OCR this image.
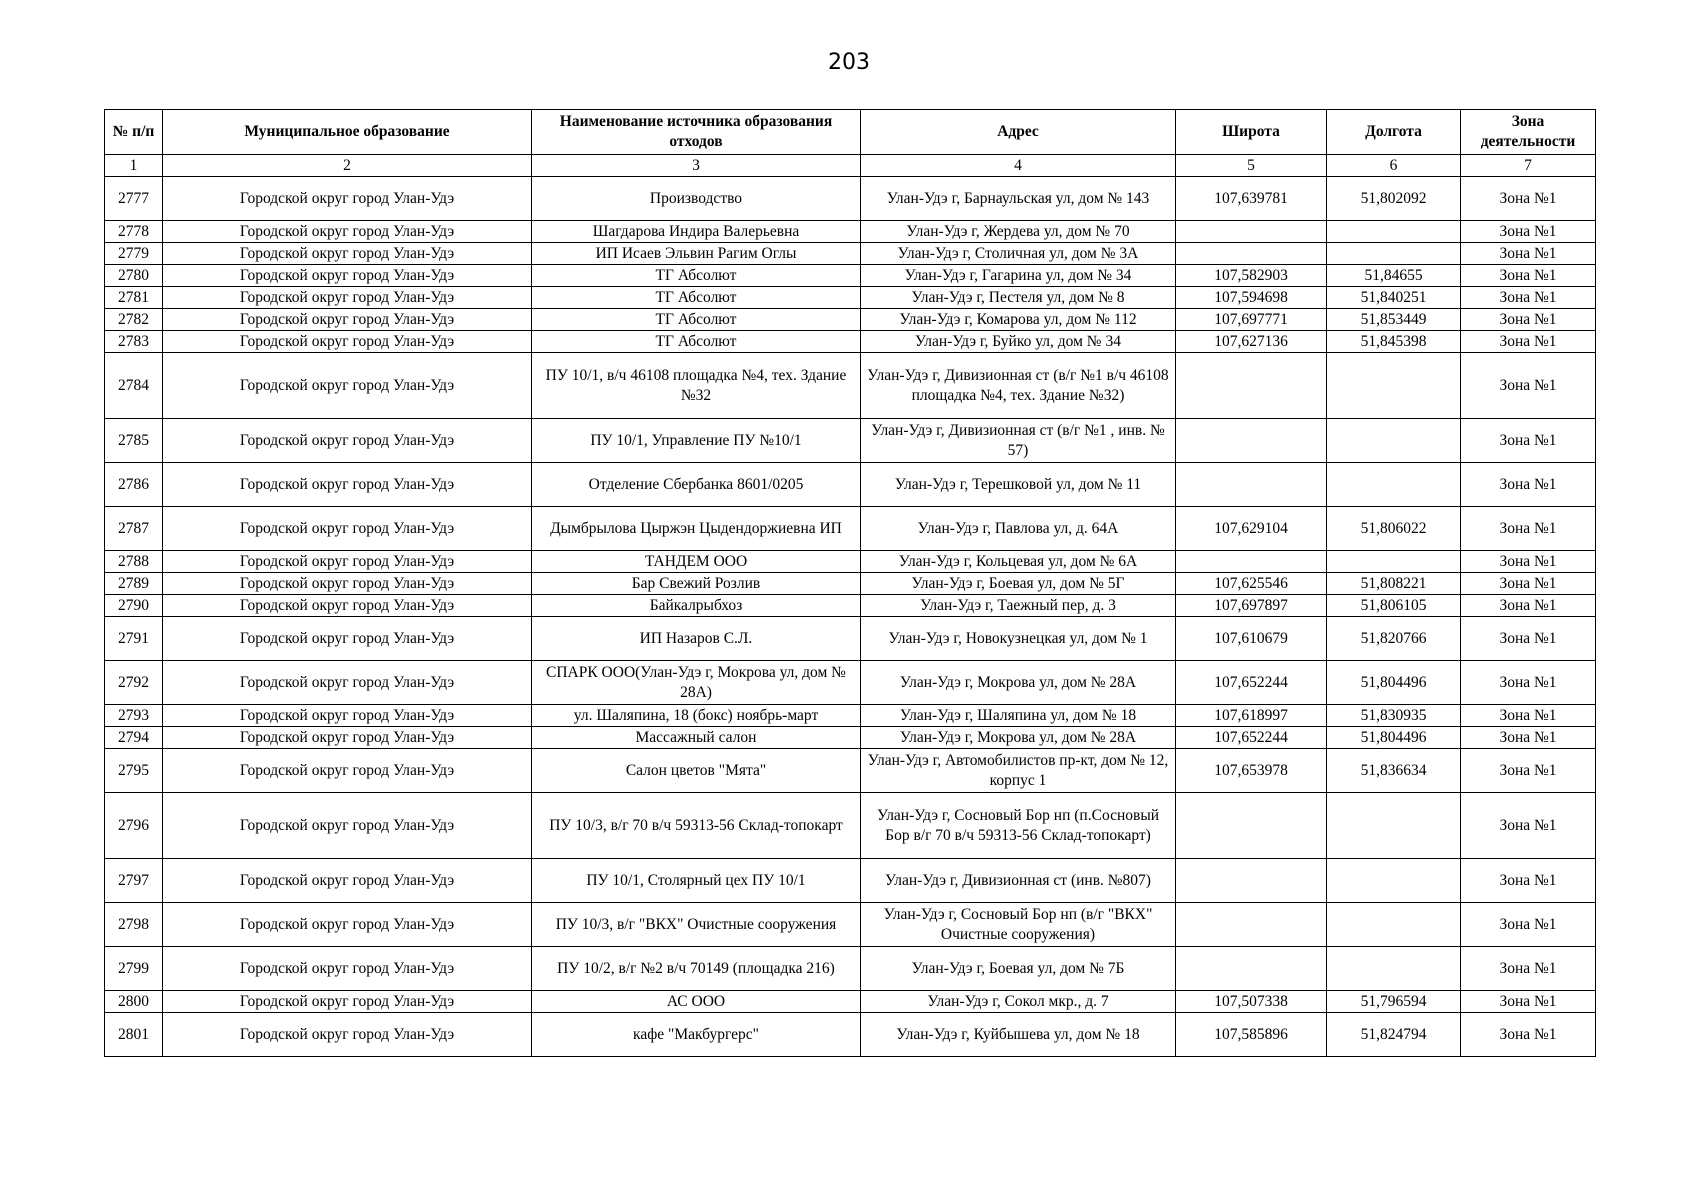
203
№ п/п	Муниципальное образование	Наименование источника образования отходов	Адрес	Широта	Долгота	Зона деятельности
1	2	3	4	5	6	7
2777	Городской округ город Улан-Удэ	Производство	Улан-Удэ г, Барнаульская ул, дом № 143	107,639781	51,802092	Зона №1
2778	Городской округ город Улан-Удэ	Шагдарова Индира Валерьевна	Улан-Удэ г, Жердева ул, дом № 70			Зона №1
2779	Городской округ город Улан-Удэ	ИП Исаев Эльвин Рагим Оглы	Улан-Удэ г, Столичная ул, дом № 3А			Зона №1
2780	Городской округ город Улан-Удэ	ТГ Абсолют	Улан-Удэ г, Гагарина ул, дом № 34	107,582903	51,84655	Зона №1
2781	Городской округ город Улан-Удэ	ТГ Абсолют	Улан-Удэ г, Пестеля ул, дом № 8	107,594698	51,840251	Зона №1
2782	Городской округ город Улан-Удэ	ТГ Абсолют	Улан-Удэ г, Комарова ул, дом № 112	107,697771	51,853449	Зона №1
2783	Городской округ город Улан-Удэ	ТГ Абсолют	Улан-Удэ г, Буйко ул, дом № 34	107,627136	51,845398	Зона №1
2784	Городской округ город Улан-Удэ	ПУ 10/1, в/ч 46108 площадка №4, тех. Здание №32	Улан-Удэ г, Дивизионная ст (в/г №1 в/ч 46108 площадка №4, тех. Здание №32)			Зона №1
2785	Городской округ город Улан-Удэ	ПУ 10/1, Управление ПУ №10/1	Улан-Удэ г, Дивизионная ст (в/г №1 , инв. № 57)			Зона №1
2786	Городской округ город Улан-Удэ	Отделение Сбербанка 8601/0205	Улан-Удэ г, Терешковой ул, дом № 11			Зона №1
2787	Городской округ город Улан-Удэ	Дымбрылова Цыржэн Цыдендоржиевна ИП	Улан-Удэ г, Павлова ул, д. 64А	107,629104	51,806022	Зона №1
2788	Городской округ город Улан-Удэ	ТАНДЕМ ООО	Улан-Удэ г, Кольцевая ул, дом № 6А			Зона №1
2789	Городской округ город Улан-Удэ	Бар Свежий Розлив	Улан-Удэ г, Боевая ул, дом № 5Г	107,625546	51,808221	Зона №1
2790	Городской округ город Улан-Удэ	Байкалрыбхоз	Улан-Удэ г, Таежный пер, д. 3	107,697897	51,806105	Зона №1
2791	Городской округ город Улан-Удэ	ИП Назаров С.Л.	Улан-Удэ г, Новокузнецкая ул, дом № 1	107,610679	51,820766	Зона №1
2792	Городской округ город Улан-Удэ	СПАРК ООО(Улан-Удэ г, Мокрова ул, дом № 28А)	Улан-Удэ г, Мокрова ул, дом № 28А	107,652244	51,804496	Зона №1
2793	Городской округ город Улан-Удэ	ул. Шаляпина, 18 (бокс) ноябрь-март	Улан-Удэ г, Шаляпина ул, дом № 18	107,618997	51,830935	Зона №1
2794	Городской округ город Улан-Удэ	Массажный салон	Улан-Удэ г, Мокрова ул, дом № 28А	107,652244	51,804496	Зона №1
2795	Городской округ город Улан-Удэ	Салон цветов "Мята"	Улан-Удэ г, Автомобилистов пр-кт, дом № 12, корпус 1	107,653978	51,836634	Зона №1
2796	Городской округ город Улан-Удэ	ПУ 10/3, в/г 70 в/ч 59313-56 Склад-топокарт	Улан-Удэ г, Сосновый Бор нп (п.Сосновый Бор в/г 70 в/ч 59313-56 Склад-топокарт)			Зона №1
2797	Городской округ город Улан-Удэ	ПУ 10/1, Столярный цех ПУ 10/1	Улан-Удэ г, Дивизионная ст (инв. №807)			Зона №1
2798	Городской округ город Улан-Удэ	ПУ 10/3, в/г "ВКХ" Очистные сооружения	Улан-Удэ г, Сосновый Бор нп (в/г "ВКХ" Очистные сооружения)			Зона №1
2799	Городской округ город Улан-Удэ	ПУ 10/2, в/г №2 в/ч 70149 (площадка 216)	Улан-Удэ г, Боевая ул, дом № 7Б			Зона №1
2800	Городской округ город Улан-Удэ	АС ООО	Улан-Удэ г, Сокол мкр., д. 7	107,507338	51,796594	Зона №1
2801	Городской округ город Улан-Удэ	кафе "Макбургерс"	Улан-Удэ г, Куйбышева ул, дом № 18	107,585896	51,824794	Зона №1
